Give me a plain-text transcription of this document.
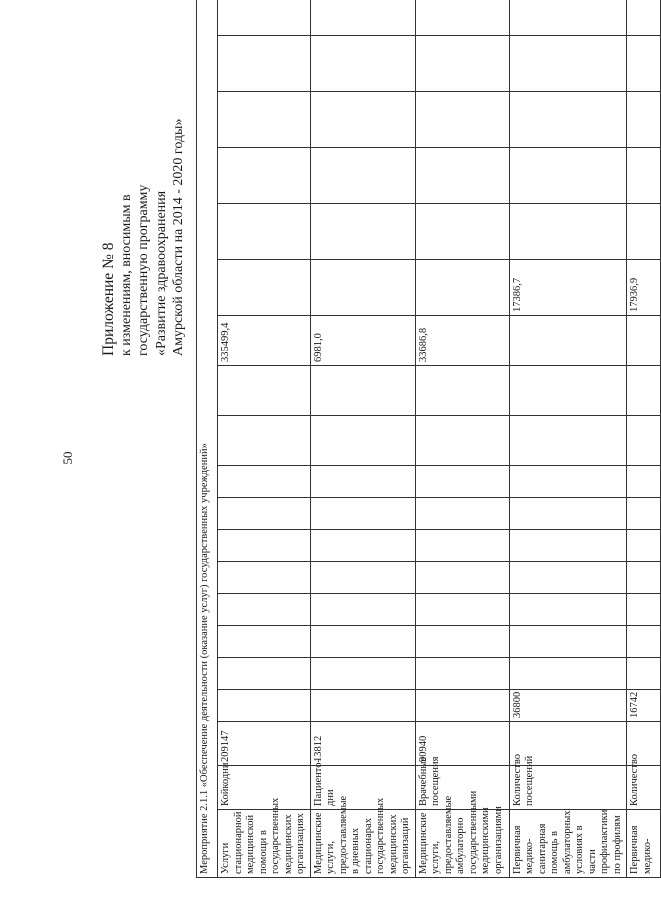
50
Приложение № 8 к изменениям, вносимым в государственную программу «Развитие здравоохранения Амурской области на 2014 - 2020 годы»
Мероприятие 2.1.1 «Обеспечение деятельности (оказание услуг) государственных учреждений»																			
Услуги стационарной медицинской помощи в государственных медицинских организациях	Койкодни	209147											335499,4						
Медицинские услуги, предоставляемые в дневных стационарах государственных медицинских организаций	Пациенто-дни	13812											6981,0						
Медицинские услуги, предоставляемые амбулаторно государственными медицинскими организациями	Врачебные посещения	90940											33686,8						
Первичная медико-санитарная помощь в амбулаторных условиях в части профилактики по профилям	Количество посещений		36800											17386,7					
Первичная медико-	Количество		16742											17936,9					
